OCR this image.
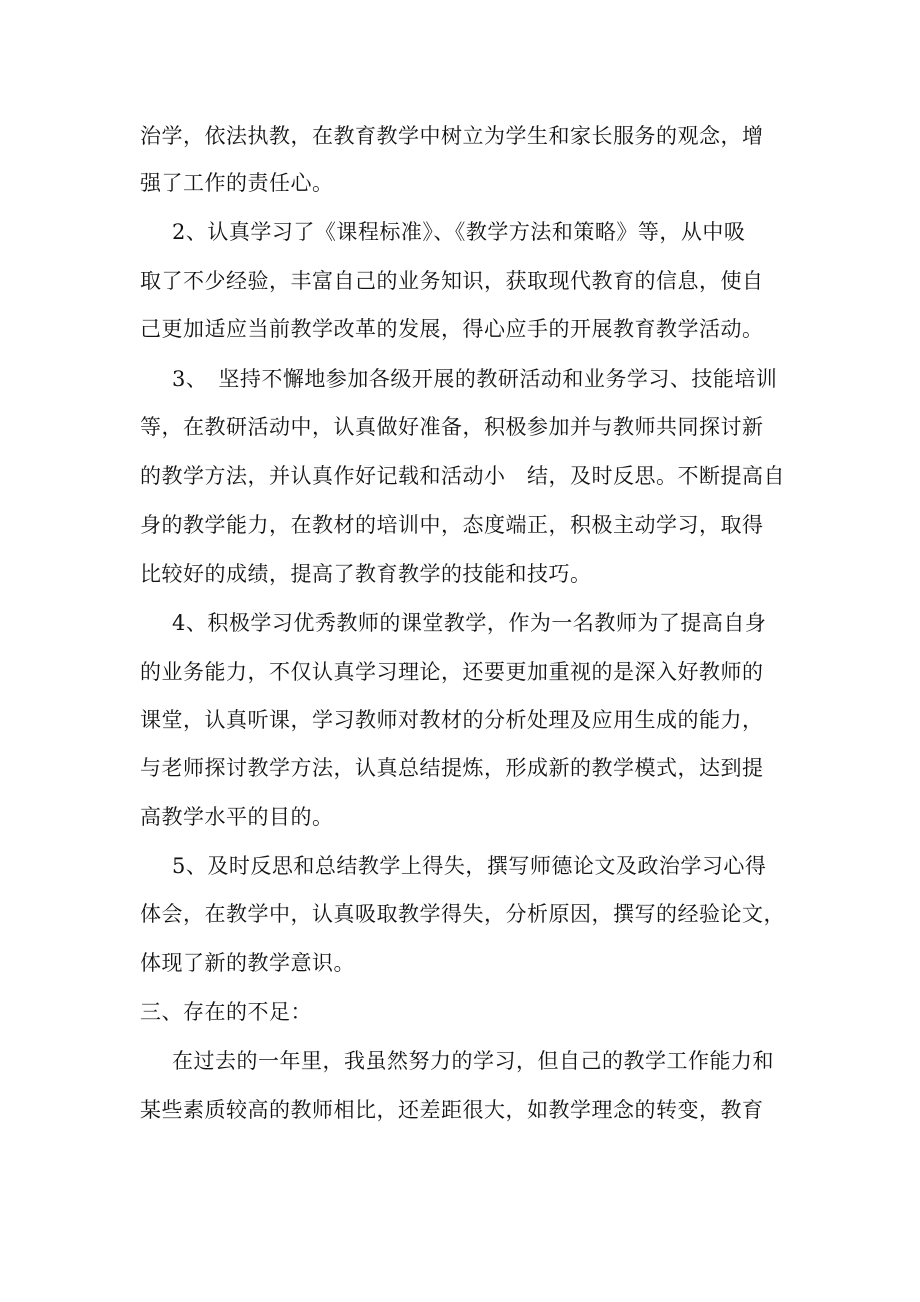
治学，依法执教，在教育教学中树立为学生和家长服务的观念，增
强了工作的责任心。
2、认真学习了《课程标准》、《教学方法和策略》等，从中吸
取了不少经验，丰富自己的业务知识，获取现代教育的信息，使自
己更加适应当前教学改革的发展，得心应手的开展教育教学活动。
3、　坚持不懈地参加各级开展的教研活动和业务学习、技能培训
等，在教研活动中，认真做好准备，积极参加并与教师共同探讨新
的教学方法，并认真作好记载和活动小　结，及时反思。不断提高自
身的教学能力，在教材的培训中，态度端正，积极主动学习，取得
比较好的成绩，提高了教育教学的技能和技巧。
4、积极学习优秀教师的课堂教学，作为一名教师为了提高自身
的业务能力，不仅认真学习理论，还要更加重视的是深入好教师的
课堂，认真听课，学习教师对教材的分析处理及应用生成的能力，
与老师探讨教学方法，认真总结提炼，形成新的教学模式，达到提
高教学水平的目的。
5、及时反思和总结教学上得失，撰写师德论文及政治学习心得
体会，在教学中，认真吸取教学得失，分析原因，撰写的经验论文，
体现了新的教学意识。
三、存在的不足：
在过去的一年里，我虽然努力的学习，但自己的教学工作能力和
某些素质较高的教师相比，还差距很大，如教学理念的转变，教育
